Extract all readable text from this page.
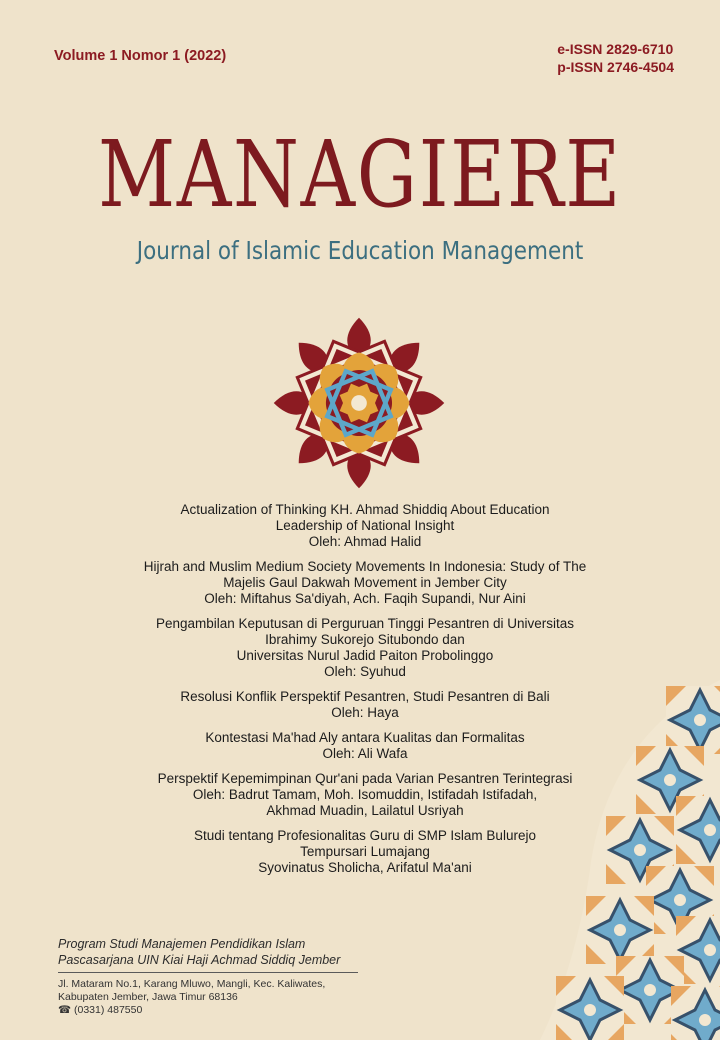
Volume 1 Nomor 1 (2022)	e-ISSN 2829-6710
p-ISSN 2746-4504
MANAGIERE
Journal of Islamic Education Management
Actualization of Thinking KH. Ahmad Shiddiq About Education
Leadership of National Insight
Oleh: Ahmad Halid
Hijrah and Muslim Medium Society Movements In Indonesia: Study of The
Majelis Gaul Dakwah Movement in Jember City
Oleh: Miftahus Sa'diyah, Ach. Faqih Supandi, Nur Aini
Pengambilan Keputusan di Perguruan Tinggi Pesantren di Universitas
Ibrahimy Sukorejo Situbondo dan
Universitas Nurul Jadid Paiton Probolinggo
Oleh: Syuhud
Resolusi Konflik Perspektif Pesantren, Studi Pesantren di Bali
Oleh: Haya
Kontestasi Ma'had Aly antara Kualitas dan Formalitas
Oleh: Ali Wafa
Perspektif Kepemimpinan Qur'ani pada Varian Pesantren Terintegrasi
Oleh: Badrut Tamam, Moh. Isomuddin, Istifadah Istifadah,
Akhmad Muadin, Lailatul Usriyah
Studi tentang Profesionalitas Guru di SMP Islam Bulurejo
Tempursari Lumajang
Syovinatus Sholicha, Arifatul Ma'ani
Program Studi Manajemen Pendidikan Islam
Pascasarjana UIN Kiai Haji Achmad Siddiq Jember
Jl. Mataram No.1, Karang Mluwo, Mangli, Kec. Kaliwates,
Kabupaten Jember, Jawa Timur 68136
☎ (0331) 487550
